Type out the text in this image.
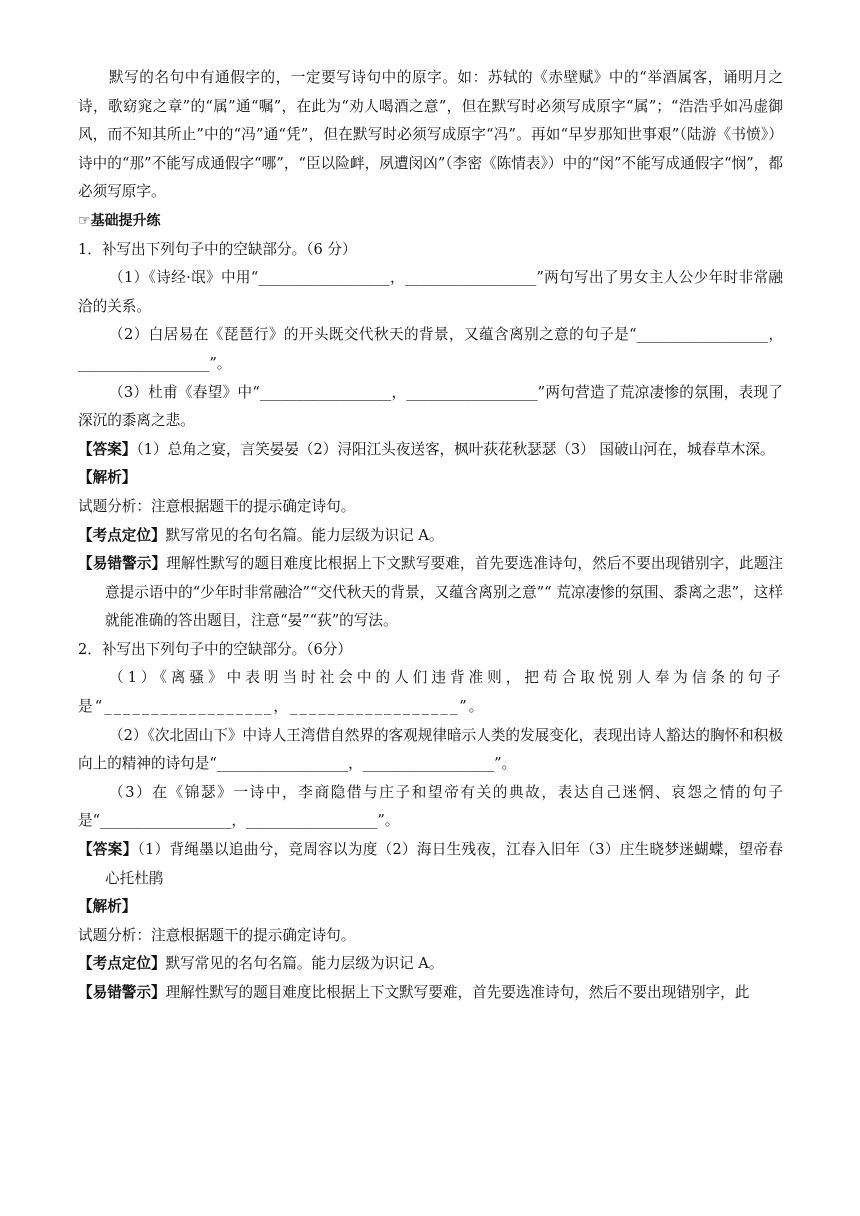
默写的名句中有通假字的，一定要写诗句中的原字。如：苏轼的《赤壁赋》中的“举酒属客，诵明月之诗，歌窈窕之章”的“属”通“嘱”，在此为“劝人喝酒之意”，但在默写时必须写成原字“属”；“浩浩乎如冯虚御风，而不知其所止”中的“冯”通“凭”，但在默写时必须写成原字“冯”。再如“早岁那知世事艰”（陆游《书愤》）诗中的“那”不能写成通假字“哪”，“臣以险衅，夙遭闵凶”（李密《陈情表》）中的“闵”不能写成通假字“悯”，都必须写原字。

☞基础提升练

1．补写出下列句子中的空缺部分。（6 分）

（1）《诗经·氓》中用“__________________，__________________”两句写出了男女主人公少年时非常融洽的关系。

（2）白居易在《琵琶行》的开头既交代秋天的背景，又蕴含离别之意的句子是“__________________，__________________”。

（3）杜甫《春望》中“__________________，__________________”两句营造了荒凉凄惨的氛围，表现了深沉的黍离之悲。

【答案】（1）总角之宴，言笑晏晏（2）浔阳江头夜送客，枫叶荻花秋瑟瑟（3） 国破山河在，城春草木深。

【解析】

试题分析：注意根据题干的提示确定诗句。

【考点定位】默写常见的名句名篇。能力层级为识记 A。

【易错警示】理解性默写的题目难度比根据上下文默写要难，首先要选准诗句，然后不要出现错别字，此题注意提示语中的“少年时非常融洽”“交代秋天的背景，又蕴含离别之意”“ 荒凉凄惨的氛围、黍离之悲”，这样就能准确的答出题目，注意“晏”“荻”的写法。

2．补写出下列句子中的空缺部分。（6分）

（1）《离骚》中表明当时社会中的人们违背准则，把苟合取悦别人奉为信条的句子是“__________________，__________________”。

（2）《次北固山下》中诗人王湾借自然界的客观规律暗示人类的发展变化，表现出诗人豁达的胸怀和积极向上的精神的诗句是“__________________，__________________”。

（3）在《锦瑟》一诗中，李商隐借与庄子和望帝有关的典故，表达自己迷惘、哀怨之情的句子是“__________________，__________________”。

【答案】（1）背绳墨以追曲兮，竞周容以为度（2）海日生残夜，江春入旧年（3）庄生晓梦迷蝴蝶，望帝春心托杜鹃

【解析】

试题分析：注意根据题干的提示确定诗句。

【考点定位】默写常见的名句名篇。能力层级为识记 A。

【易错警示】理解性默写的题目难度比根据上下文默写要难，首先要选准诗句，然后不要出现错别字，此
